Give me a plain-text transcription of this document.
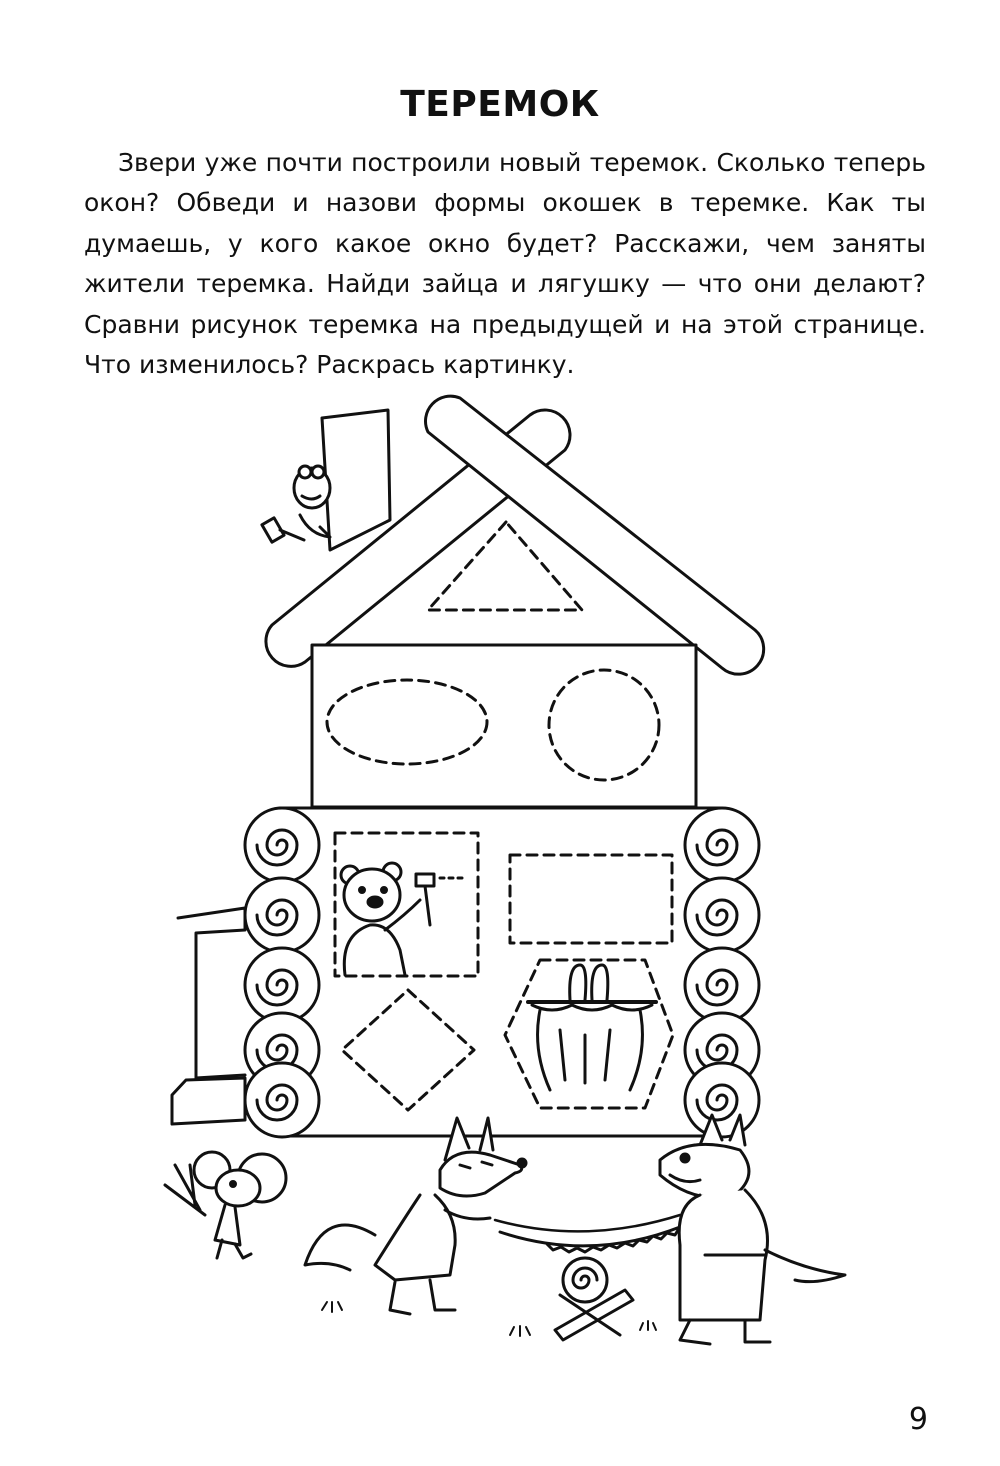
ТЕРЕМОК

Звери уже почти построили новый теремок. Сколько теперь окон? Обведи и назови формы окошек в теремке. Как ты думаешь, у кого какое окно будет? Расскажи, чем заняты жители теремка. Найди зайца и лягушку — что они делают? Сравни рисунок теремка на предыдущей и на этой странице. Что изменилось? Раскрась картинку.

9
